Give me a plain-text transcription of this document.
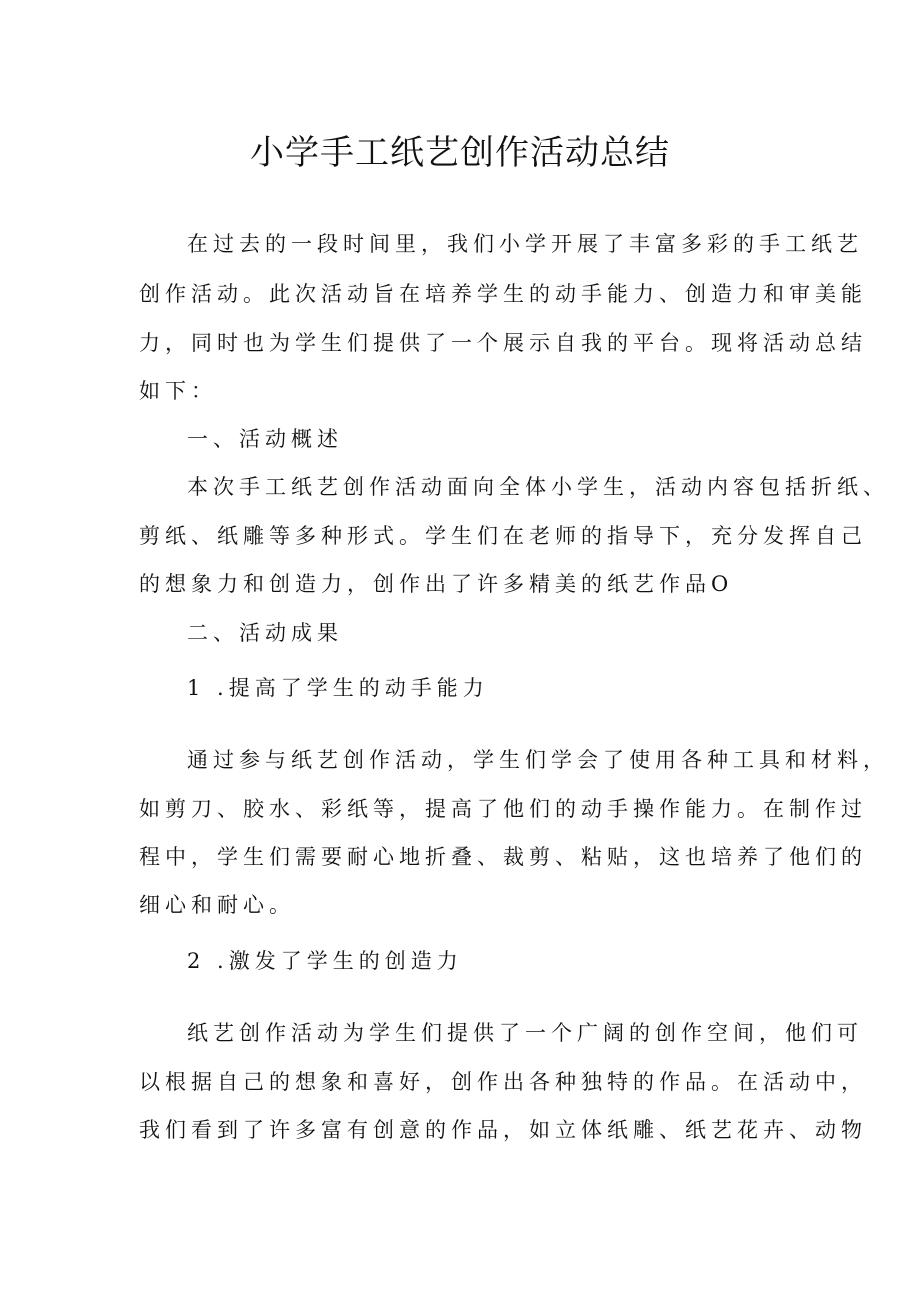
小学手工纸艺创作活动总结
在过去的一段时间里，我们小学开展了丰富多彩的手工纸艺
创作活动。此次活动旨在培养学生的动手能力、创造力和审美能
力，同时也为学生们提供了一个展示自我的平台。现将活动总结
如下：
一、活动概述
本次手工纸艺创作活动面向全体小学生，活动内容包括折纸、
剪纸、纸雕等多种形式。学生们在老师的指导下，充分发挥自己
的想象力和创造力，创作出了许多精美的纸艺作品O
二、活动成果
1 .提高了学生的动手能力
通过参与纸艺创作活动，学生们学会了使用各种工具和材料，
如剪刀、胶水、彩纸等，提高了他们的动手操作能力。在制作过
程中，学生们需要耐心地折叠、裁剪、粘贴，这也培养了他们的
细心和耐心。
2 .激发了学生的创造力
纸艺创作活动为学生们提供了一个广阔的创作空间，他们可
以根据自己的想象和喜好，创作出各种独特的作品。在活动中，
我们看到了许多富有创意的作品，如立体纸雕、纸艺花卉、动物
